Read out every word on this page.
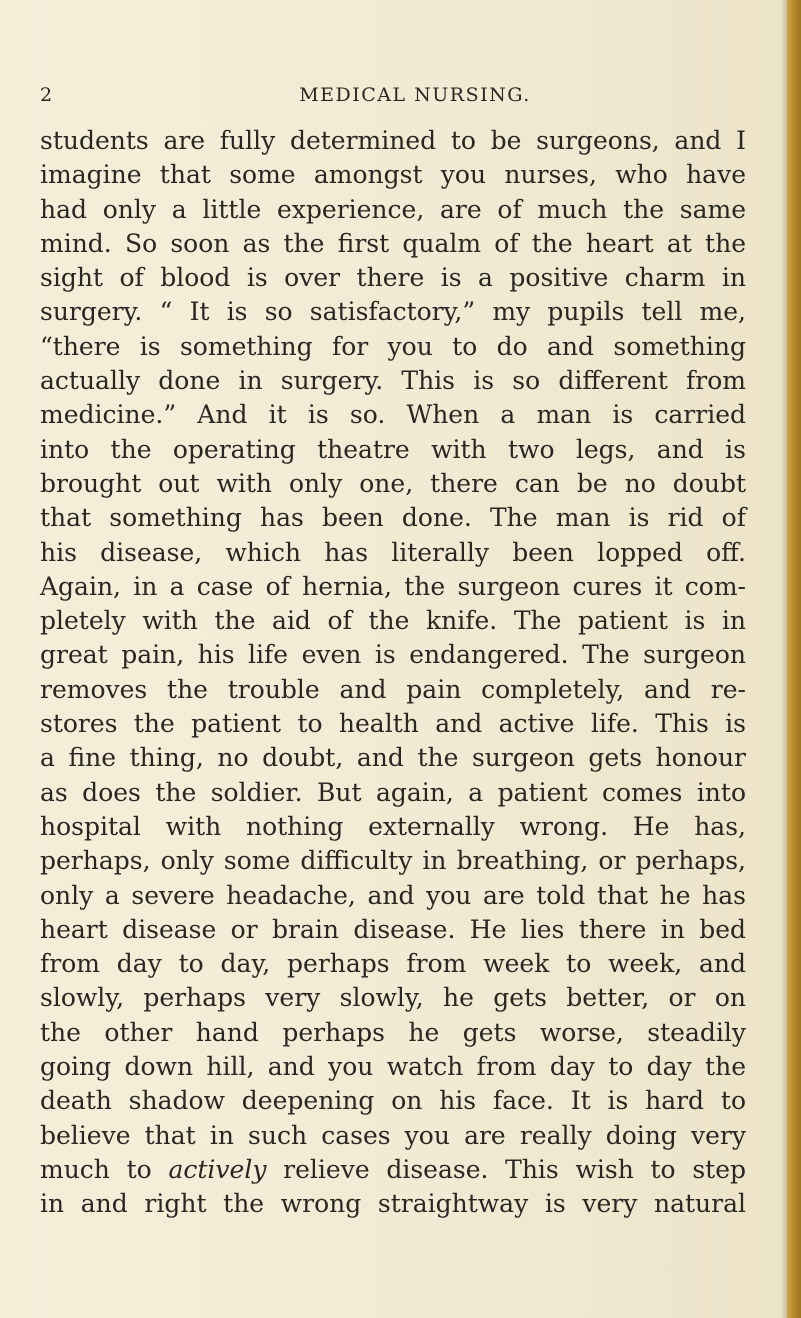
2	MEDICAL NURSING.
students are fully determined to be surgeons, and I
imagine that some amongst you nurses, who have
had only a little experience, are of much the same
mind. So soon as the first qualm of the heart at the
sight of blood is over there is a positive charm in
surgery. “ It is so satisfactory,” my pupils tell me,
“there is something for you to do and something
actually done in surgery. This is so different from
medicine.” And it is so. When a man is carried
into the operating theatre with two legs, and is
brought out with only one, there can be no doubt
that something has been done. The man is rid of
his disease, which has literally been lopped off.
Again, in a case of hernia, the surgeon cures it com-
pletely with the aid of the knife. The patient is in
great pain, his life even is endangered. The surgeon
removes the trouble and pain completely, and re-
stores the patient to health and active life. This is
a fine thing, no doubt, and the surgeon gets honour
as does the soldier. But again, a patient comes into
hospital with nothing externally wrong. He has,
perhaps, only some difficulty in breathing, or perhaps,
only a severe headache, and you are told that he has
heart disease or brain disease. He lies there in bed
from day to day, perhaps from week to week, and
slowly, perhaps very slowly, he gets better, or on
the other hand perhaps he gets worse, steadily
going down hill, and you watch from day to day the
death shadow deepening on his face. It is hard to
believe that in such cases you are really doing very
much to actively relieve disease. This wish to step
in and right the wrong straightway is very natural
